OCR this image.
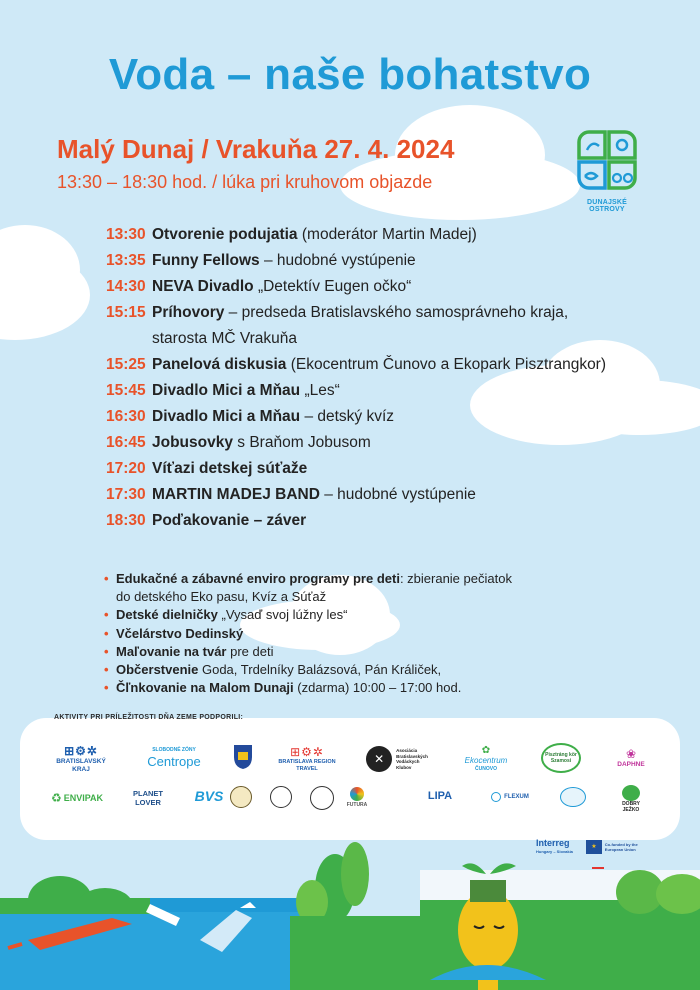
Voda – naše bohatstvo
Malý Dunaj / Vrakuňa 27. 4. 2024
13:30 – 18:30 hod. / lúka pri kruhovom objazde
DUNAJSKÉ OSTROVY
13:30 Otvorenie podujatia (moderátor Martin Madej)
13:35 Funny Fellows – hudobné vystúpenie
14:30 NEVA Divadlo „Detektív Eugen očko“
15:15 Príhovory – predseda Bratislavského samosprávneho kraja,
starosta MČ Vrakuňa
15:25 Panelová diskusia (Ekocentrum Čunovo a Ekopark Pisztrangkor)
15:45 Divadlo Mici a Mňau „Les“
16:30 Divadlo Mici a Mňau – detský kvíz
16:45 Jobusovky s Braňom Jobusom
17:20 Víťazi detskej súťaže
17:30 MARTIN MADEJ BAND – hudobné vystúpenie
18:30 Poďakovanie – záver
• Edukačné a zábavné enviro programy pre deti: zbieranie pečiatok
do detského Eko pasu, Kvíz a Súťaž
• Detské dielničky „Vysaď svoj lúžny les“
• Včelárstvo Dedinský
• Maľovanie na tvár pre deti
• Občerstvenie Goda, Trdelníky Balázsová, Pán Králiček,
• Čľnkovanie na Malom Dunaji (zdarma) 10:00 – 17:00 hod.
AKTIVITY PRI PRÍLEŽITOSTI DŇA ZEME PODPORILI:
⊞⚙✲
BRATISLAVSKÝ KRAJ
SLOBODNÉ ZÓNY
Centrope
⊞⚙✲
BRATISLAVA REGION
TRAVEL
✕
Asociácia
Bratislavských
Vodáckych
Klubov
✿
Ekocentrum
ČUNOVO
Pisztráng kör Szamosi	❀
DAPHNE
♻ ENVIPAK	PLANET
LOVER BVS
FUTURA
LIPA	FLEXUM
DOBRY
JEŽKO
Interreg
Hungary – Slovakia
★	Co-funded by the European Union
